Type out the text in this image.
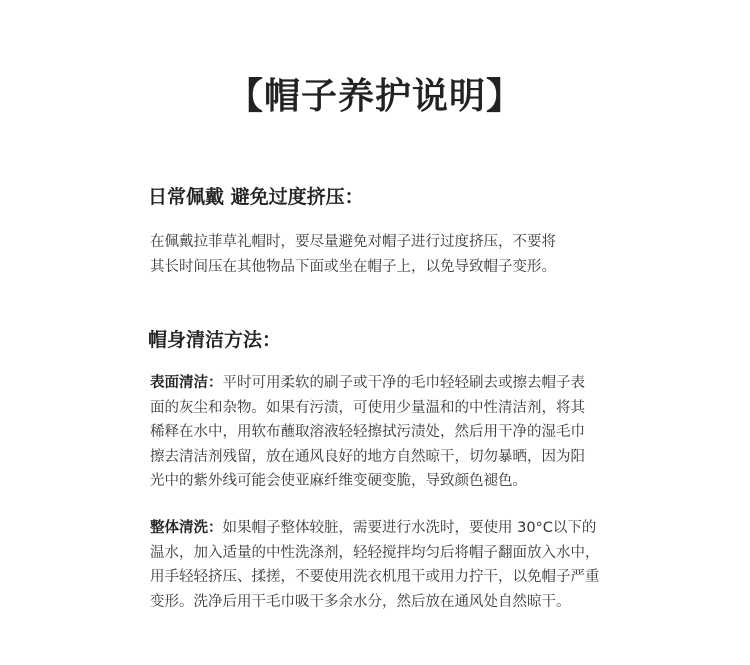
【帽子养护说明】
日常佩戴 避免过度挤压：

在佩戴拉菲草礼帽时，要尽量避免对帽子进行过度挤压，不要将
其长时间压在其他物品下面或坐在帽子上，以免导致帽子变形。

帽身清洁方法：

表面清洁：平时可用柔软的刷子或干净的毛巾轻轻刷去或擦去帽子表
面的灰尘和杂物。如果有污渍，可使用少量温和的中性清洁剂，将其
稀释在水中，用软布蘸取溶液轻轻擦拭污渍处，然后用干净的湿毛巾
擦去清洁剂残留，放在通风良好的地方自然晾干，切勿暴晒，因为阳
光中的紫外线可能会使亚麻纤维变硬变脆，导致颜色褪色。

整体清洗：如果帽子整体较脏，需要进行水洗时，要使用 30°C以下的
温水，加入适量的中性洗涤剂，轻轻搅拌均匀后将帽子翻面放入水中，
用手轻轻挤压、揉搓，不要使用洗衣机甩干或用力拧干，以免帽子严重
变形。洗净后用干毛巾吸干多余水分，然后放在通风处自然晾干。
